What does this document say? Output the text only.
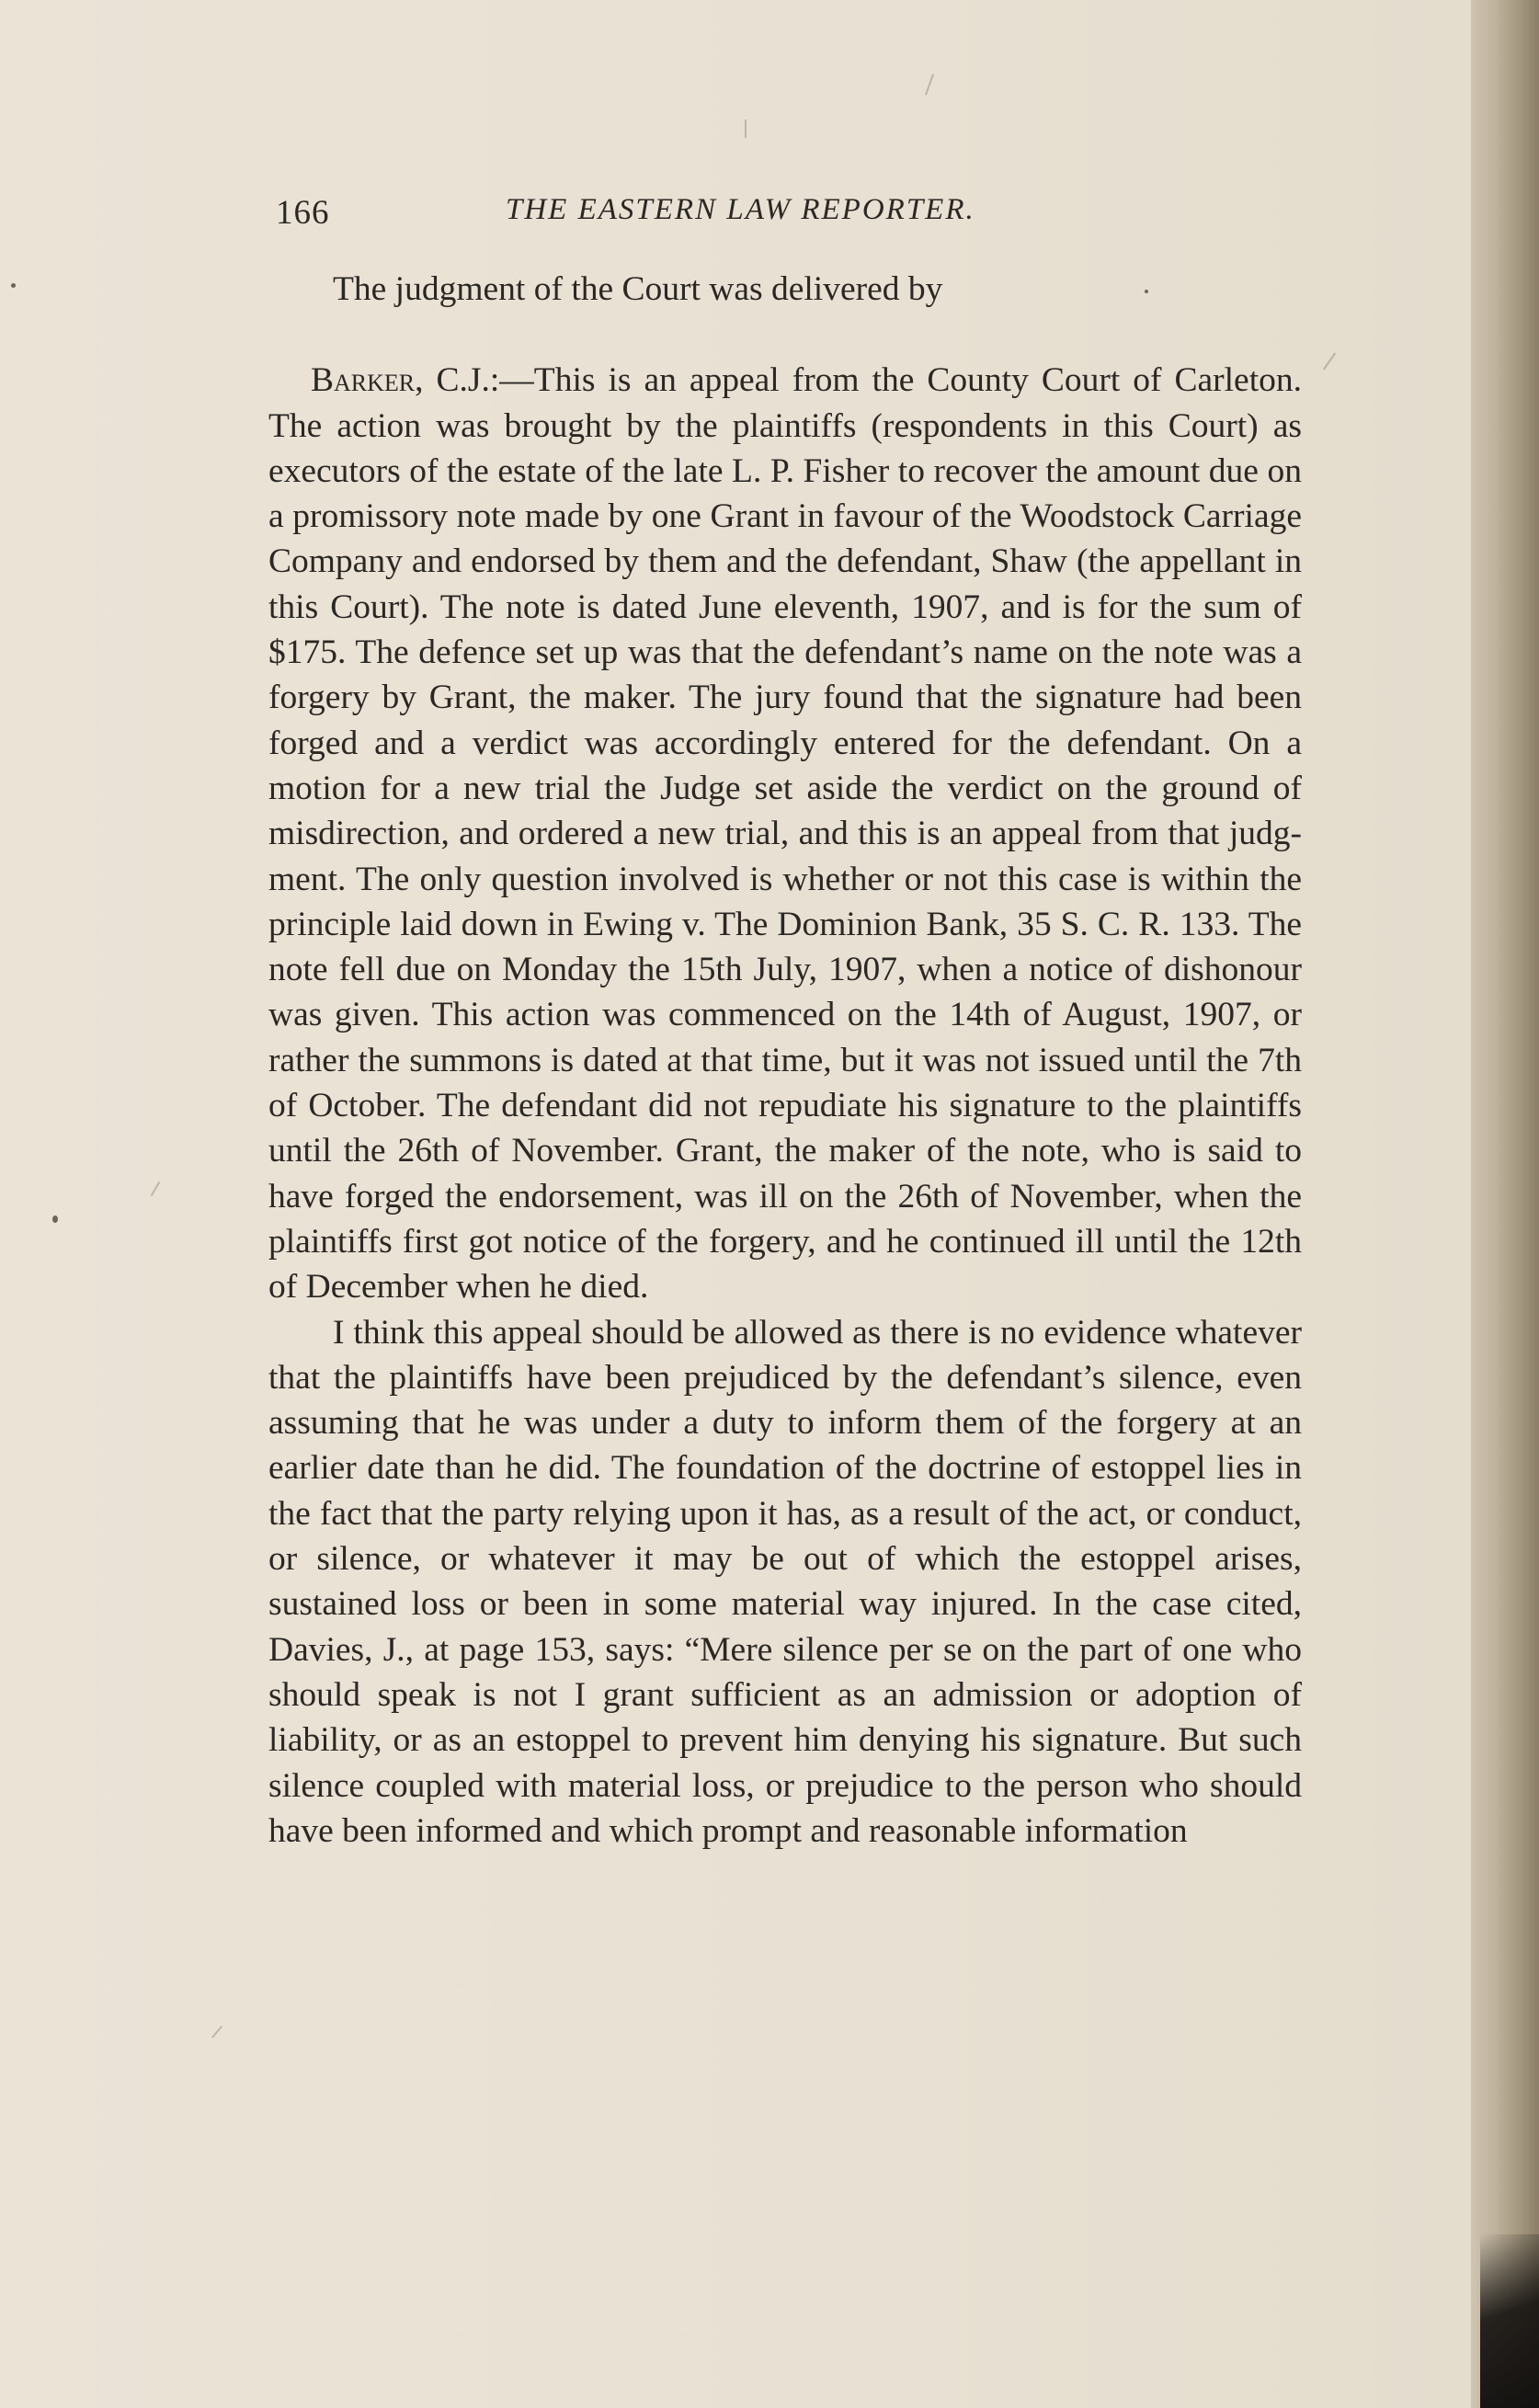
166	THE EASTERN LAW REPORTER.

The judgment of the Court was delivered by

Barker, C.J.:—This is an appeal from the County Court of Carleton. The action was brought by the plaintiffs (respondents in this Court) as executors of the estate of the late L. P. Fisher to recover the amount due on a promissory note made by one Grant in favour of the Woodstock Carriage Company and endorsed by them and the defendant, Shaw (the appellant in this Court). The note is dated June eleventh, 1907, and is for the sum of $175. The defence set up was that the defendant’s name on the note was a forgery by Grant, the maker. The jury found that the signature had been forged and a verdict was accordingly entered for the defendant. On a motion for a new trial the Judge set aside the verdict on the ground of misdirection, and ordered a new trial, and this is an appeal from that judgment. The only question involved is whether or not this case is within the principle laid down in Ewing v. The Dominion Bank, 35 S. C. R. 133. The note fell due on Monday the 15th July, 1907, when a notice of dishonour was given. This action was commenced on the 14th of August, 1907, or rather the summons is dated at that time, but it was not issued until the 7th of October. The defendant did not repudiate his signature to the plaintiffs until the 26th of November. Grant, the maker of the note, who is said to have forged the endorsement, was ill on the 26th of November, when the plaintiffs first got notice of the forgery, and he continued ill until the 12th of December when he died.

I think this appeal should be allowed as there is no evidence whatever that the plaintiffs have been prejudiced by the defendant’s silence, even assuming that he was under a duty to inform them of the forgery at an earlier date than he did. The foundation of the doctrine of estoppel lies in the fact that the party relying upon it has, as a result of the act, or conduct, or silence, or whatever it may be out of which the estoppel arises, sustained loss or been in some material way injured. In the case cited, Davies, J., at page 153, says: “Mere silence per se on the part of one who should speak is not I grant sufficient as an admission or adoption of liability, or as an estoppel to prevent him denying his signature. But such silence coupled with material loss, or prejudice to the person who should have been informed and which prompt and reasonable information
